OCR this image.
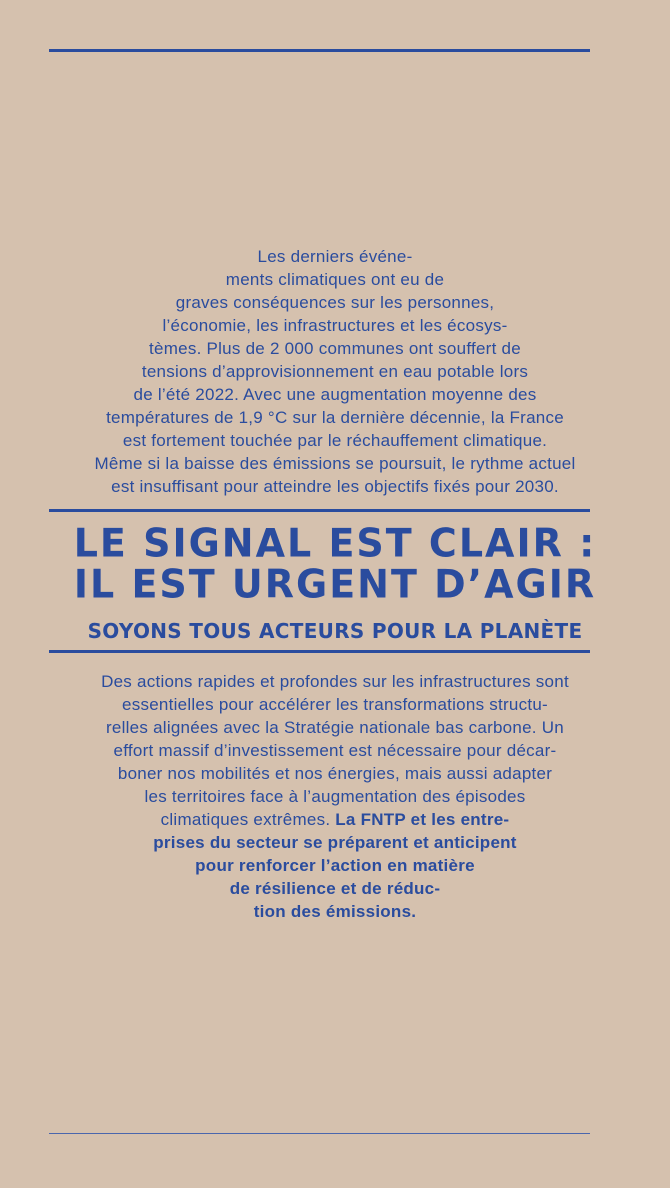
Les derniers événe-
ments climatiques ont eu de
graves conséquences sur les personnes,
l’économie, les infrastructures et les écosys-
tèmes. Plus de 2 000 communes ont souffert de
tensions d’approvisionnement en eau potable lors
de l’été 2022. Avec une augmentation moyenne des
températures de 1,9 °C sur la dernière décennie, la France
est fortement touchée par le réchauffement climatique.
Même si la baisse des émissions se poursuit, le rythme actuel
est insuffisant pour atteindre les objectifs fixés pour 2030.
LE SIGNAL EST CLAIR :
IL EST URGENT D’AGIR
SOYONS TOUS ACTEURS POUR LA PLANÈTE
Des actions rapides et profondes sur les infrastructures sont
essentielles pour accélérer les transformations structu-
relles alignées avec la Stratégie nationale bas carbone. Un
effort massif d’investissement est nécessaire pour décar-
boner nos mobilités et nos énergies, mais aussi adapter
les territoires face à l’augmentation des épisodes
climatiques extrêmes. La FNTP et les entre-
prises du secteur se préparent et anticipent
pour renforcer l’action en matière
de résilience et de réduc-
tion des émissions.
